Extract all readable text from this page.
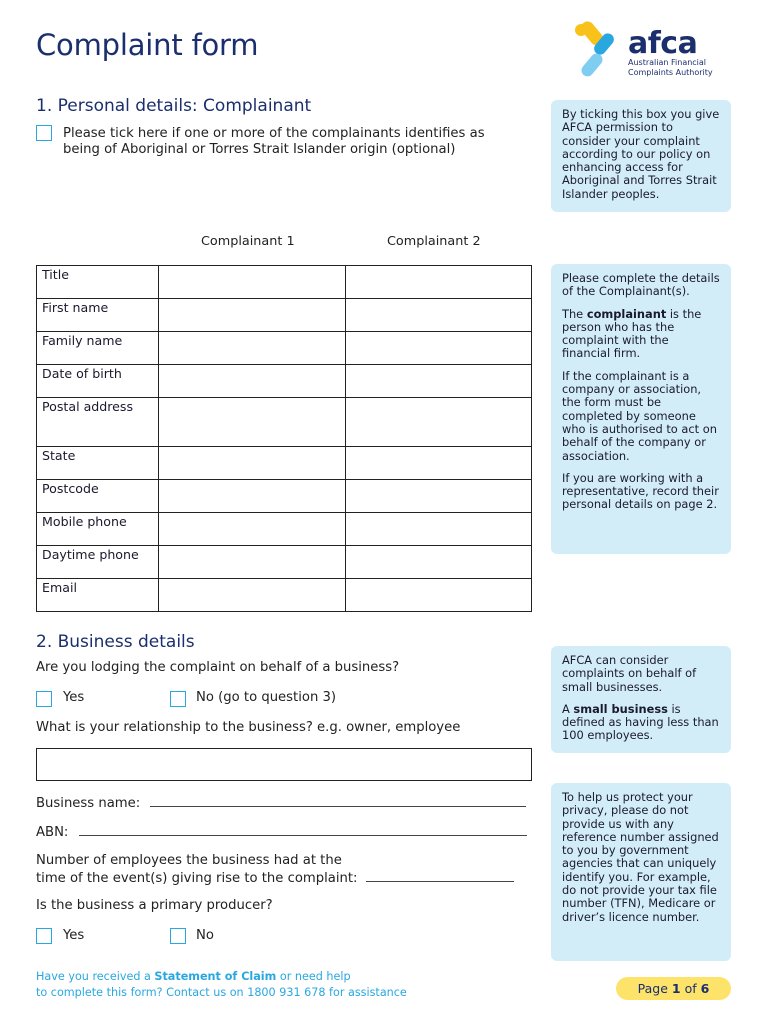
Complaint form	afca
Australian Financial
Complaints Authority
1. Personal details: Complainant
Please tick here if one or more of the complainants identifies as
being of Aboriginal or Torres Strait Islander origin (optional)

By ticking this box you give AFCA permission to consider your complaint according to our policy on enhancing access for Aboriginal and Torres Strait Islander peoples.

Complainant 1	Complainant 2
Title		
First name		
Family name		
Date of birth		
Postal address		
State		
Postcode		
Mobile phone		
Daytime phone		
Email		

Please complete the details of the Complainant(s).

The complainant is the person who has the complaint with the financial firm.

If the complainant is a company or association, the form must be completed by someone who is authorised to act on behalf of the company or association.

If you are working with a representative, record their personal details on page 2.

2. Business details
Are you lodging the complaint on behalf of a business?
Yes	No (go to question 3)
What is your relationship to the business? e.g. owner, employee
Business name:
ABN:
Number of employees the business had at the
time of the event(s) giving rise to the complaint:
Is the business a primary producer?
Yes	No

AFCA can consider complaints on behalf of small businesses.

A small business is defined as having less than 100 employees.

To help us protect your privacy, please do not provide us with any reference number assigned to you by government agencies that can uniquely identify you. For example, do not provide your tax file number (TFN), Medicare or driver’s licence number.

Have you received a Statement of Claim or need help
to complete this form? Contact us on 1800 931 678 for assistance	Page 1 of 6
